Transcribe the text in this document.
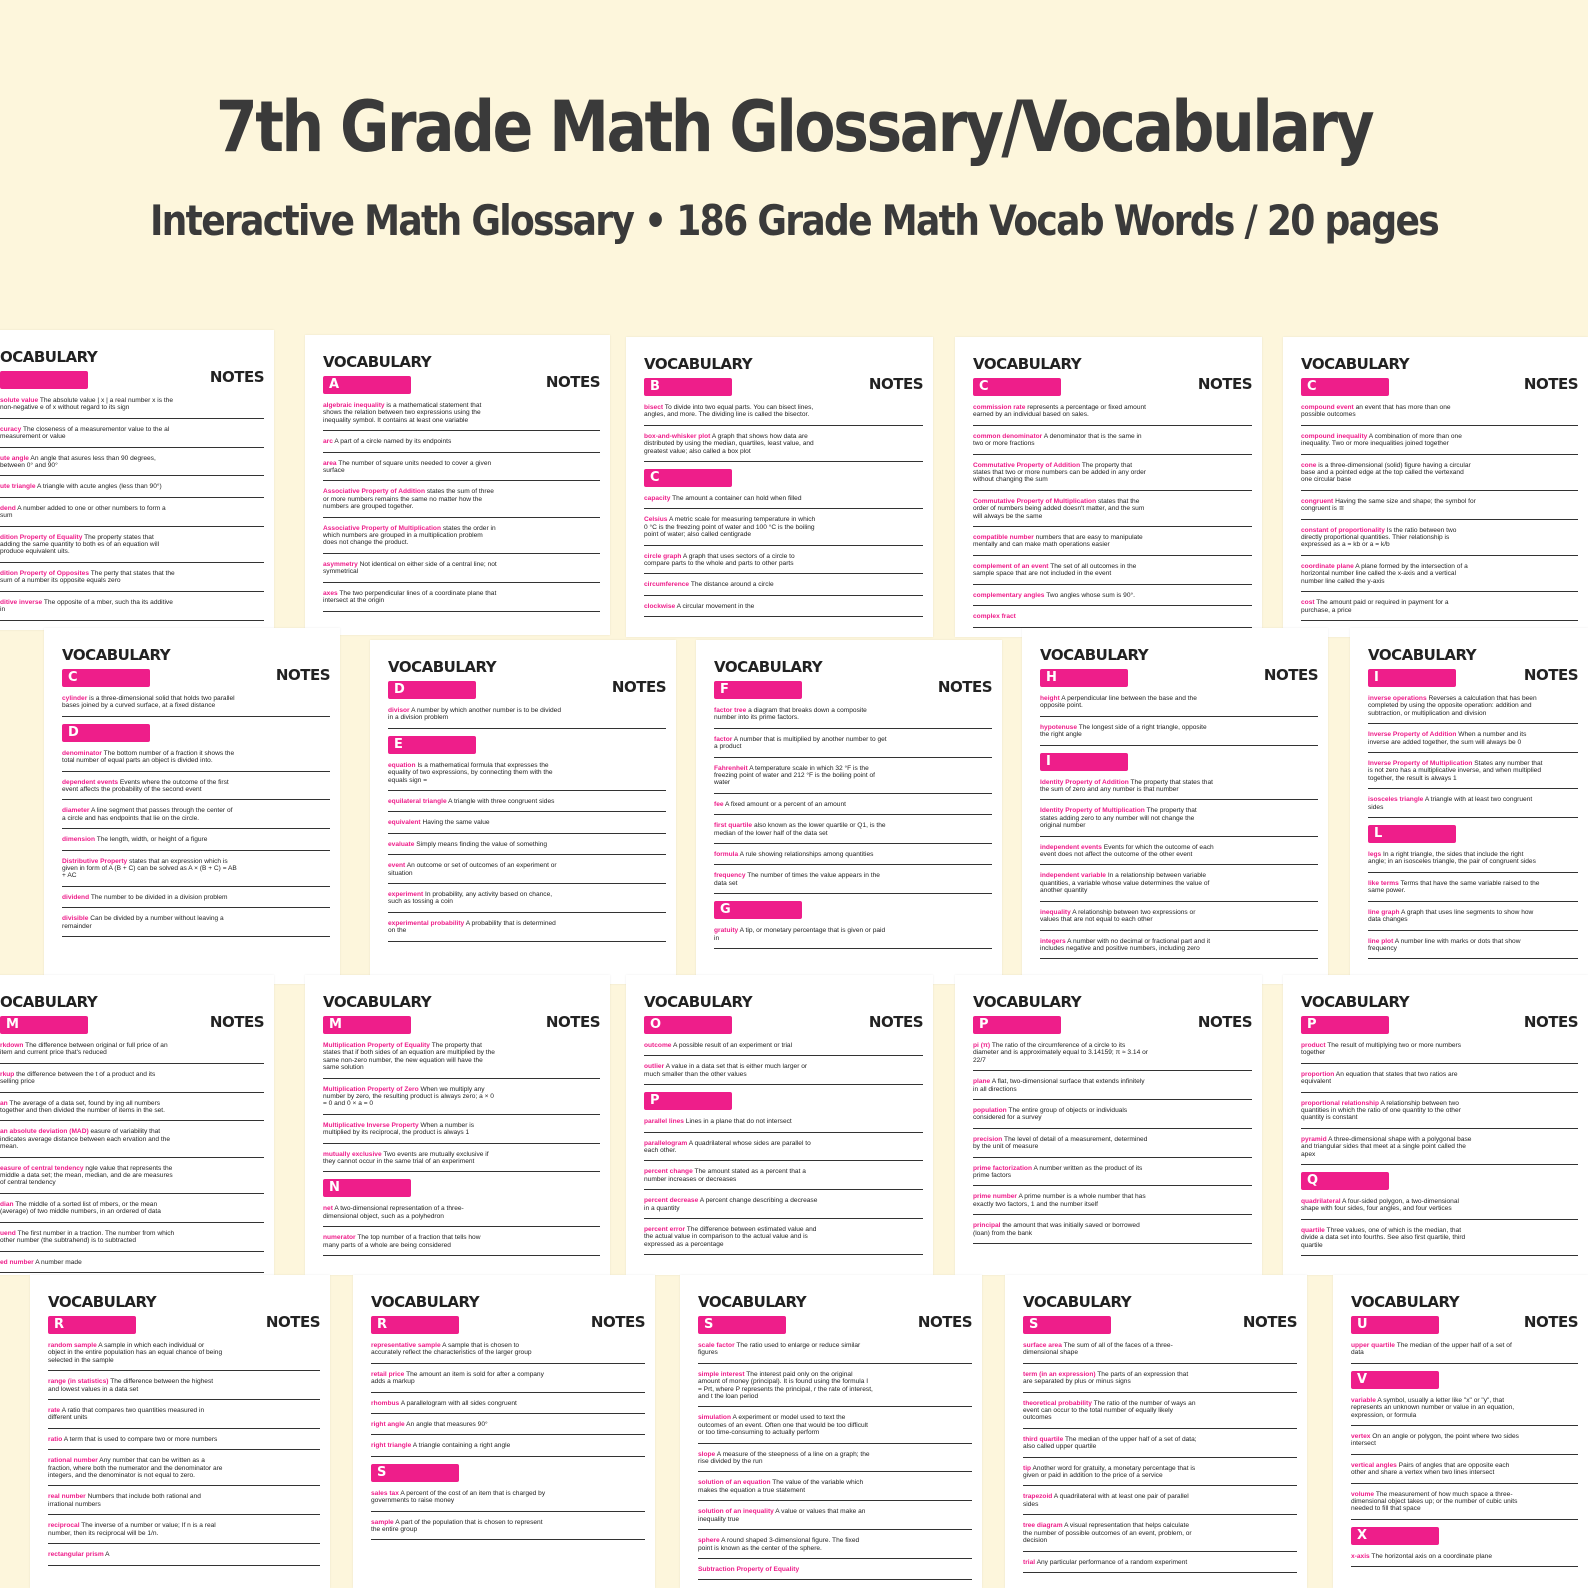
7th Grade Math Glossary/Vocabulary
Interactive Math Glossary • 186 Grade Math Vocab Words / 20 pages
OCABULARY
NOTES
solute value The absolute value | x | a real number x is the non-negative e of x without regard to its sign
curacy The closeness of a measurementor value to the al measurement or value
ute angle An angle that asures less than 90 degrees, between 0° and 90°
ute triangle A triangle with acute angles (less than 90°)
dend A number added to one or other numbers to form a sum
dition Property of Equality The property states that adding the same quantity to both es of an equation will produce equivalent uits.
dition Property of Opposites The perty that states that the sum of a number its opposite equals zero
ditive inverse The opposite of a mber, such tha its additive in
VOCABULARY
NOTES
A
algebraic inequality is a mathematical statement that shows the relation between two expressions using the inequality symbol. It contains at least one variable
arc A part of a circle named by its endpoints
area The number of square units needed to cover a given surface
Associative Property of Addition states the sum of three or more numbers remains the same no matter how the numbers are grouped together.
Associative Property of Multiplication states the order in which numbers are grouped in a multiplication problem does not change the product.
asymmetry Not identical on either side of a central line; not symmetrical
axes The two perpendicular lines of a coordinate plane that intersect at the origin
VOCABULARY
NOTES
B
bisect To divide into two equal parts. You can bisect lines, angles, and more. The dividing line is called the bisector.
box-and-whisker plot A graph that shows how data are distributed by using the median, quartiles, least value, and greatest value; also called a box plot
C
capacity The amount a container can hold when filled
Celsius A metric scale for measuring temperature in which 0 °C is the freezing point of water and 100 °C is the boiling point of water; also called centigrade
circle graph A graph that uses sectors of a circle to compare parts to the whole and parts to other parts
circumference The distance around a circle
clockwise A circular movement in the
VOCABULARY
NOTES
C
commission rate represents a percentage or fixed amount earned by an individual based on sales.
common denominator A denominator that is the same in two or more fractions
Commutative Property of Addition The property that states that two or more numbers can be added in any order without changing the sum
Commutative Property of Multiplication states that the order of numbers being added doesn't matter, and the sum will always be the same
compatible number numbers that are easy to manipulate mentally and can make math operations easier
complement of an event The set of all outcomes in the sample space that are not included in the event
complementary angles Two angles whose sum is 90°.
complex fract
VOCABULARY
NOTES
C
compound event an event that has more than one possible outcomes
compound inequality A combination of more than one inequality. Two or more inequalities joined together
cone is a three-dimensional (solid) figure having a circular base and a pointed edge at the top called the vertexand one circular base
congruent Having the same size and shape; the symbol for congruent is ≅
constant of proportionality Is the ratio between two directly proportional quantities. Thier relationship is expressed as a = kb or a = k/b
coordinate plane A plane formed by the intersection of a horizontal number line called the x-axis and a vertical number line called the y-axis
cost The amount paid or required in payment for a purchase, a price
VOCABULARY
NOTES
C
cylinder is a three-dimensional solid that holds two parallel bases joined by a curved surface, at a fixed distance
D
denominator The bottom number of a fraction it shows the total number of equal parts an object is divided into.
dependent events Events where the outcome of the first event affects the probability of the second event
diameter A line segment that passes through the center of a circle and has endpoints that lie on the circle.
dimension The length, width, or height of a figure
Distributive Property states that an expression which is given in form of A (B + C) can be solved as A × (B + C) = AB + AC
dividend The number to be divided in a division problem
divisible Can be divided by a number without leaving a remainder
VOCABULARY
NOTES
D
divisor A number by which another number is to be divided in a division problem
E
equation Is a mathematical formula that expresses the equality of two expressions, by connecting them with the equals sign =
equilateral triangle A triangle with three congruent sides
equivalent Having the same value
evaluate Simply means finding the value of something
event An outcome or set of outcomes of an experiment or situation
experiment In probability, any activity based on chance, such as tossing a coin
experimental probability A probability that is determined on the
VOCABULARY
NOTES
F
factor tree a diagram that breaks down a composite number into its prime factors.
factor A number that is multiplied by another number to get a product
Fahrenheit A temperature scale in which 32 °F is the freezing point of water and 212 °F is the boiling point of water
fee A fixed amount or a percent of an amount
first quartile also known as the lower quartile or Q1, is the median of the lower half of the data set
formula A rule showing relationships among quantities
frequency The number of times the value appears in the data set
G
gratuity A tip, or monetary percentage that is given or paid in
VOCABULARY
NOTES
H
height A perpendicular line between the base and the opposite point.
hypotenuse The longest side of a right triangle, opposite the right angle
I
Identity Property of Addition The property that states that the sum of zero and any number is that number
Identity Property of Multiplication The property that states adding zero to any number will not change the original number
independent events Events for which the outcome of each event does not affect the outcome of the other event
independent variable In a relationship between variable quantities, a variable whose value determines the value of another quantity
inequality A relationship between two expressions or values that are not equal to each other
integers A number with no decimal or fractional part and it includes negative and positive numbers, including zero
VOCABULARY
NOTES
I
inverse operations Reverses a calculation that has been completed by using the opposite operation: addition and subtraction, or multiplication and division
Inverse Property of Addition When a number and its inverse are added together, the sum will always be 0
Inverse Property of Multiplication States any number that is not zero has a multiplicative inverse, and when multiplied together, the result is always 1
isosceles triangle A triangle with at least two congruent sides
L
legs In a right triangle, the sides that include the right angle; in an isosceles triangle, the pair of congruent sides
like terms Terms that have the same variable raised to the same power.
line graph A graph that uses line segments to show how data changes
line plot A number line with marks or dots that show frequency
OCABULARY
NOTES
M
rkdown The difference between original or full price of an item and current price that's reduced
rkup the difference between the t of a product and its selling price
an The average of a data set, found by ing all numbers together and then divided the number of items in the set.
an absolute deviation (MAD) easure of variability that indicates average distance between each ervation and the mean.
easure of central tendency ngle value that represents the middle a data set; the mean, median, and de are measures of central tendency
dian The middle of a sorted list of mbers, or the mean (average) of two middle numbers, in an ordered of data
uend The first number in a traction. The number from which other number (the subtrahend) is to subtracted
ed number A number made
VOCABULARY
NOTES
M
Multiplication Property of Equality The property that states that if both sides of an equation are multiplied by the same non-zero number, the new equation will have the same solution
Multiplication Property of Zero When we multiply any number by zero, the resulting product is always zero; a × 0 = 0 and 0 × a = 0
Multiplicative Inverse Property When a number is multiplied by its reciprocal, the product is always 1
mutually exclusive Two events are mutually exclusive if they cannot occur in the same trial of an experiment
N
net A two-dimensional representation of a three-dimensional object, such as a polyhedron
numerator The top number of a fraction that tells how many parts of a whole are being considered
VOCABULARY
NOTES
O
outcome A possible result of an experiment or trial
outlier A value in a data set that is either much larger or much smaller than the other values
P
parallel lines Lines in a plane that do not intersect
parallelogram A quadrilateral whose sides are parallel to each other.
percent change The amount stated as a percent that a number increases or decreases
percent decrease A percent change describing a decrease in a quantity
percent error The difference between estimated value and the actual value in comparison to the actual value and is expressed as a percentage
VOCABULARY
NOTES
P
pi (π) The ratio of the circumference of a circle to its diameter and is approximately equal to 3.14159; π ≈ 3.14 or 22/7
plane A flat, two-dimensional surface that extends infinitely in all directions
population The entire group of objects or individuals considered for a survey
precision The level of detail of a measurement, determined by the unit of measure
prime factorization A number written as the product of its prime factors
prime number A prime number is a whole number that has exactly two factors, 1 and the number itself
principal the amount that was initially saved or borrowed (loan) from the bank
VOCABULARY
NOTES
P
product The result of multiplying two or more numbers together
proportion An equation that states that two ratios are equivalent
proportional relationship A relationship between two quantities in which the ratio of one quantity to the other quantity is constant
pyramid A three-dimensional shape with a polygonal base and triangular sides that meet at a single point called the apex
Q
quadrilateral A four-sided polygon, a two-dimensional shape with four sides, four angles, and four vertices
quartile Three values, one of which is the median, that divide a data set into fourths. See also first quartile, third quartile
VOCABULARY
NOTES
R
random sample A sample in which each individual or object in the entire population has an equal chance of being selected in the sample
range (in statistics) The difference between the highest and lowest values in a data set
rate A ratio that compares two quantities measured in different units
ratio A term that is used to compare two or more numbers
rational number Any number that can be written as a fraction, where both the numerator and the denominator are integers, and the denominator is not equal to zero.
real number Numbers that include both rational and irrational numbers
reciprocal The inverse of a number or value; If n is a real number, then its reciprocal will be 1/n.
rectangular prism A
VOCABULARY
NOTES
R
representative sample A sample that is chosen to accurately reflect the characteristics of the larger group
retail price The amount an item is sold for after a company adds a markup
rhombus A parallelogram with all sides congruent
right angle An angle that measures 90°
right triangle A triangle containing a right angle
S
sales tax A percent of the cost of an item that is charged by governments to raise money
sample A part of the population that is chosen to represent the entire group
VOCABULARY
NOTES
S
scale factor The ratio used to enlarge or reduce similar figures
simple interest The interest paid only on the original amount of money (principal). It is found using the formula I = Prt, where P represents the principal, r the rate of interest, and t the loan period
simulation A experiment or model used to text the outcomes of an event. Often one that would be too difficult or too time-consuming to actually perform
slope A measure of the steepness of a line on a graph; the rise divided by the run
solution of an equation The value of the variable which makes the equation a true statement
solution of an inequality A value or values that make an inequality true
sphere A round shaped 3-dimensional figure. The fixed point is known as the center of the sphere.
Subtraction Property of Equality
VOCABULARY
NOTES
S
surface area The sum of all of the faces of a three-dimensional shape
term (in an expression) The parts of an expression that are separated by plus or minus signs
theoretical probability The ratio of the number of ways an event can occur to the total number of equally likely outcomes
third quartile The median of the upper half of a set of data; also called upper quartile
tip Another word for gratuity, a monetary percentage that is given or paid in addition to the price of a service
trapezoid A quadrilateral with at least one pair of parallel sides
tree diagram A visual representation that helps calculate the number of possible outcomes of an event, problem, or decision
trial Any particular performance of a random experiment
VOCABULARY
NOTES
U
upper quartile The median of the upper half of a set of data
V
variable A symbol, usually a letter like "x" or "y", that represents an unknown number or value in an equation, expression, or formula
vertex On an angle or polygon, the point where two sides intersect
vertical angles Pairs of angles that are opposite each other and share a vertex when two lines intersect
volume The measurement of how much space a three-dimensional object takes up; or the number of cubic units needed to fill that space
X
x-axis The horizontal axis on a coordinate plane
